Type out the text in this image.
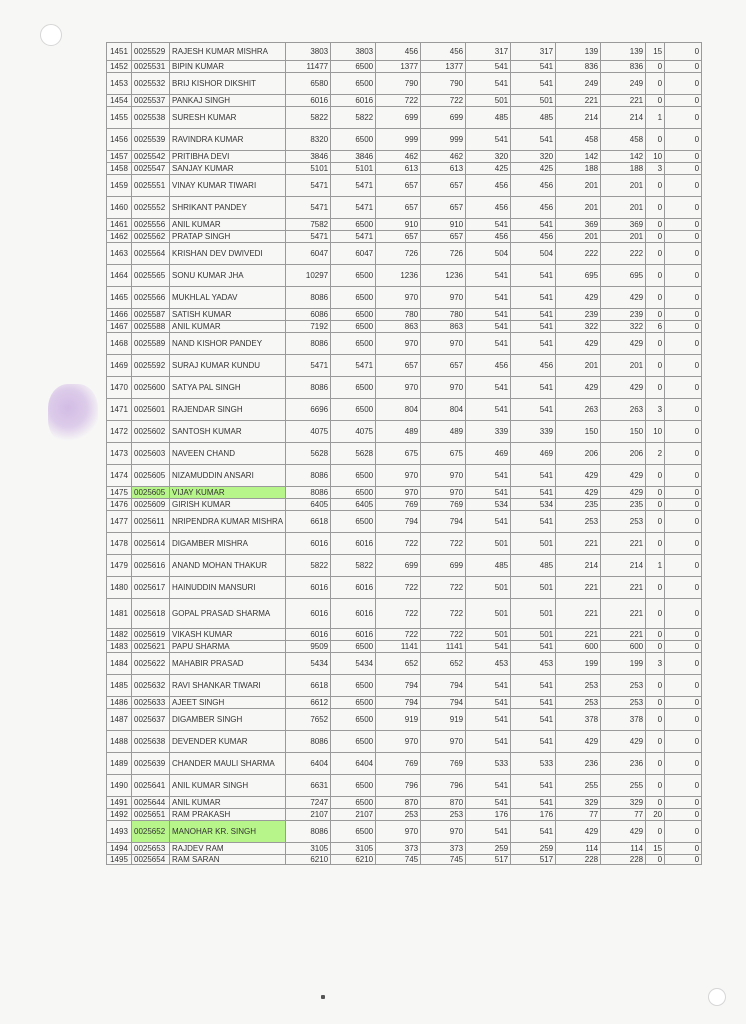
1451	0025529	RAJESH KUMAR MISHRA	3803	3803	456	456	317	317	139	139	15	0
1452	0025531	BIPIN KUMAR	11477	6500	1377	1377	541	541	836	836	0	0
1453	0025532	BRIJ KISHOR DIKSHIT	6580	6500	790	790	541	541	249	249	0	0
1454	0025537	PANKAJ SINGH	6016	6016	722	722	501	501	221	221	0	0
1455	0025538	SURESH KUMAR	5822	5822	699	699	485	485	214	214	1	0
1456	0025539	RAVINDRA KUMAR	8320	6500	999	999	541	541	458	458	0	0
1457	0025542	PRITIBHA DEVI	3846	3846	462	462	320	320	142	142	10	0
1458	0025547	SANJAY KUMAR	5101	5101	613	613	425	425	188	188	3	0
1459	0025551	VINAY KUMAR TIWARI	5471	5471	657	657	456	456	201	201	0	0
1460	0025552	SHRIKANT PANDEY	5471	5471	657	657	456	456	201	201	0	0
1461	0025556	ANIL KUMAR	7582	6500	910	910	541	541	369	369	0	0
1462	0025562	PRATAP SINGH	5471	5471	657	657	456	456	201	201	0	0
1463	0025564	KRISHAN DEV DWIVEDI	6047	6047	726	726	504	504	222	222	0	0
1464	0025565	SONU KUMAR JHA	10297	6500	1236	1236	541	541	695	695	0	0
1465	0025566	MUKHLAL YADAV	8086	6500	970	970	541	541	429	429	0	0
1466	0025587	SATISH KUMAR	6086	6500	780	780	541	541	239	239	0	0
1467	0025588	ANIL KUMAR	7192	6500	863	863	541	541	322	322	6	0
1468	0025589	NAND KISHOR PANDEY	8086	6500	970	970	541	541	429	429	0	0
1469	0025592	SURAJ KUMAR KUNDU	5471	5471	657	657	456	456	201	201	0	0
1470	0025600	SATYA PAL SINGH	8086	6500	970	970	541	541	429	429	0	0
1471	0025601	RAJENDAR SINGH	6696	6500	804	804	541	541	263	263	3	0
1472	0025602	SANTOSH KUMAR	4075	4075	489	489	339	339	150	150	10	0
1473	0025603	NAVEEN CHAND	5628	5628	675	675	469	469	206	206	2	0
1474	0025605	NIZAMUDDIN ANSARI	8086	6500	970	970	541	541	429	429	0	0
1475	0025605	VIJAY KUMAR	8086	6500	970	970	541	541	429	429	0	0
1476	0025609	GIRISH KUMAR	6405	6405	769	769	534	534	235	235	0	0
1477	0025611	NRIPENDRA KUMAR MISHRA	6618	6500	794	794	541	541	253	253	0	0
1478	0025614	DIGAMBER MISHRA	6016	6016	722	722	501	501	221	221	0	0
1479	0025616	ANAND MOHAN THAKUR	5822	5822	699	699	485	485	214	214	1	0
1480	0025617	HAINUDDIN MANSURI	6016	6016	722	722	501	501	221	221	0	0
1481	0025618	GOPAL PRASAD SHARMA	6016	6016	722	722	501	501	221	221	0	0
1482	0025619	VIKASH KUMAR	6016	6016	722	722	501	501	221	221	0	0
1483	0025621	PAPU SHARMA	9509	6500	1141	1141	541	541	600	600	0	0
1484	0025622	MAHABIR PRASAD	5434	5434	652	652	453	453	199	199	3	0
1485	0025632	RAVI SHANKAR TIWARI	6618	6500	794	794	541	541	253	253	0	0
1486	0025633	AJEET SINGH	6612	6500	794	794	541	541	253	253	0	0
1487	0025637	DIGAMBER SINGH	7652	6500	919	919	541	541	378	378	0	0
1488	0025638	DEVENDER KUMAR	8086	6500	970	970	541	541	429	429	0	0
1489	0025639	CHANDER MAULI SHARMA	6404	6404	769	769	533	533	236	236	0	0
1490	0025641	ANIL KUMAR SINGH	6631	6500	796	796	541	541	255	255	0	0
1491	0025644	ANIL KUMAR	7247	6500	870	870	541	541	329	329	0	0
1492	0025651	RAM PRAKASH	2107	2107	253	253	176	176	77	77	20	0
1493	0025652	MANOHAR KR. SINGH	8086	6500	970	970	541	541	429	429	0	0
1494	0025653	RAJDEV RAM	3105	3105	373	373	259	259	114	114	15	0
1495	0025654	RAM SARAN	6210	6210	745	745	517	517	228	228	0	0
